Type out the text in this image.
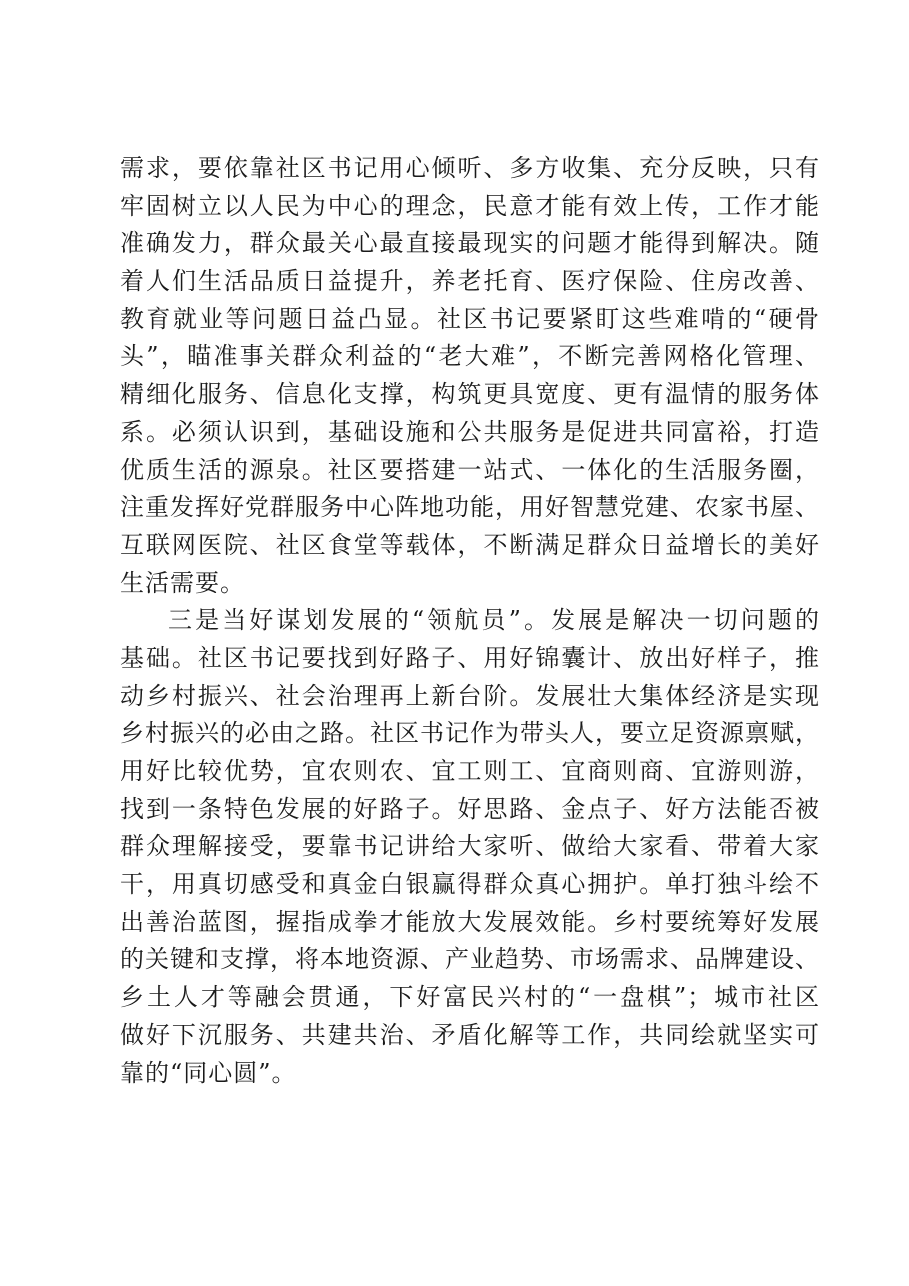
需求，要依靠社区书记用心倾听、多方收集、充分反映，只有
牢固树立以人民为中心的理念，民意才能有效上传，工作才能
准确发力，群众最关心最直接最现实的问题才能得到解决。随
着人们生活品质日益提升，养老托育、医疗保险、住房改善、
教育就业等问题日益凸显。社区书记要紧盯这些难啃的“硬骨
头”，瞄准事关群众利益的“老大难”，不断完善网格化管理、
精细化服务、信息化支撑，构筑更具宽度、更有温情的服务体
系。必须认识到，基础设施和公共服务是促进共同富裕，打造
优质生活的源泉。社区要搭建一站式、一体化的生活服务圈，
注重发挥好党群服务中心阵地功能，用好智慧党建、农家书屋、
互联网医院、社区食堂等载体，不断满足群众日益增长的美好
生活需要。
三是当好谋划发展的“领航员”。发展是解决一切问题的
基础。社区书记要找到好路子、用好锦囊计、放出好样子，推
动乡村振兴、社会治理再上新台阶。发展壮大集体经济是实现
乡村振兴的必由之路。社区书记作为带头人，要立足资源禀赋，
用好比较优势，宜农则农、宜工则工、宜商则商、宜游则游，
找到一条特色发展的好路子。好思路、金点子、好方法能否被
群众理解接受，要靠书记讲给大家听、做给大家看、带着大家
干，用真切感受和真金白银赢得群众真心拥护。单打独斗绘不
出善治蓝图，握指成拳才能放大发展效能。乡村要统筹好发展
的关键和支撑，将本地资源、产业趋势、市场需求、品牌建设、
乡土人才等融会贯通，下好富民兴村的“一盘棋”；城市社区
做好下沉服务、共建共治、矛盾化解等工作，共同绘就坚实可
靠的“同心圆”。
